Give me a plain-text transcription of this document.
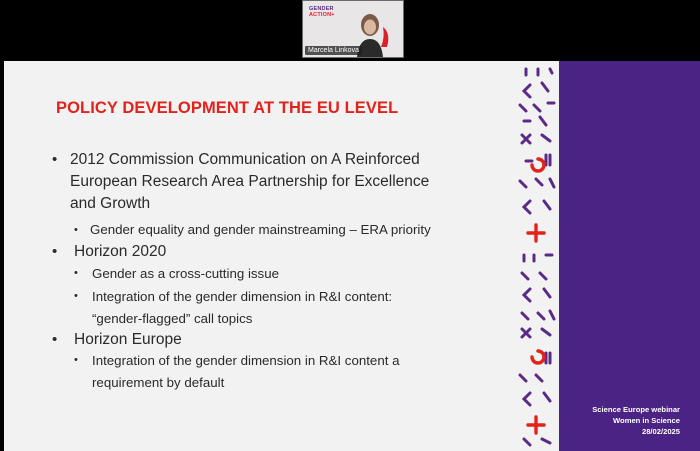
GENDER
ACTION+
Marcela Linkova
POLICY DEVELOPMENT AT THE EU LEVEL
• 2012 Commission Communication on A Reinforced
European Research Area Partnership for Excellence
and Growth
• Gender equality and gender mainstreaming – ERA priority
• Horizon 2020
• Gender as a cross-cutting issue
• Integration of the gender dimension in R&I content:
“gender-flagged” call topics
• Horizon Europe
• Integration of the gender dimension in R&I content a
requirement by default
Science Europe webinar
Women in Science
28/02/2025
